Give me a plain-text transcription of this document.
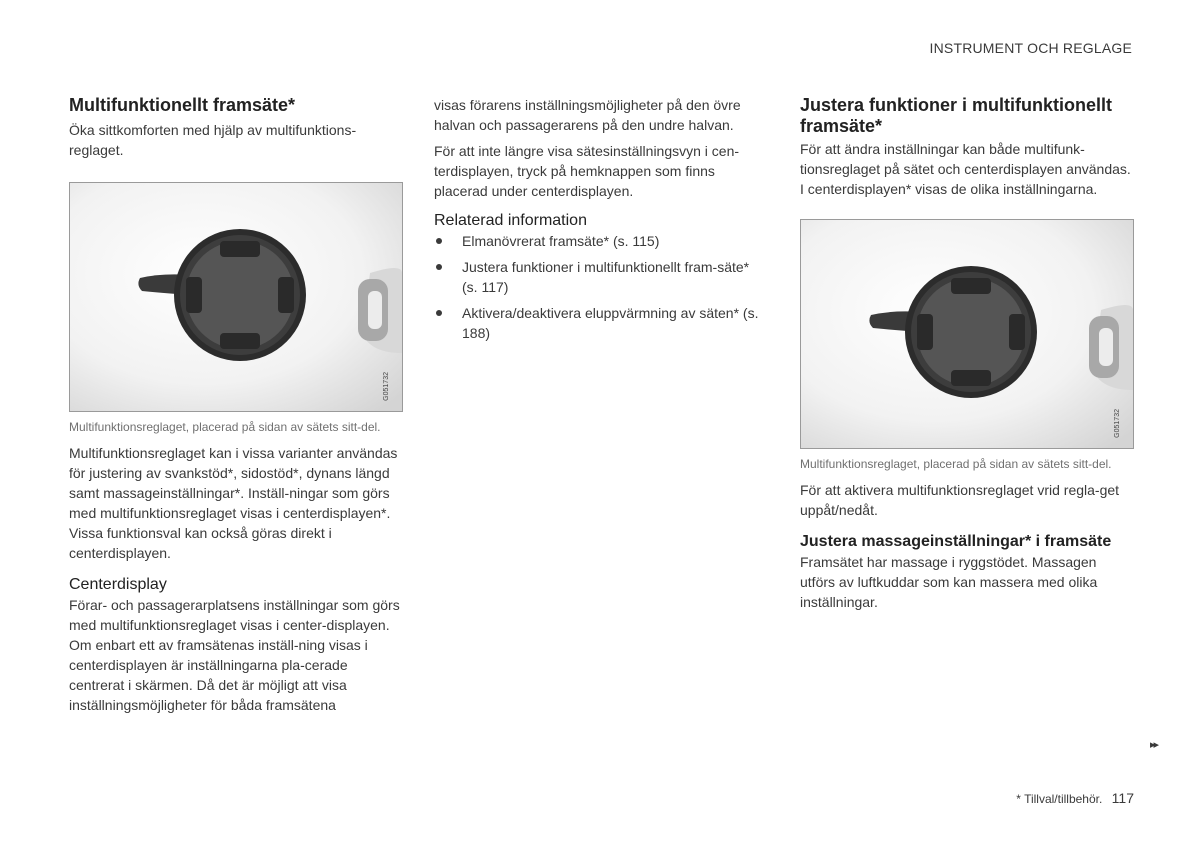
INSTRUMENT OCH REGLAGE
Multifunktionellt framsäte*

Öka sittkomforten med hjälp av multifunktions-reglaget.

G051732

Multifunktionsreglaget, placerad på sidan av sätets sitt-del.

Multifunktionsreglaget kan i vissa varianter användas för justering av svankstöd*, sidostöd*, dynans längd samt massageinställningar*. Inställ-ningar som görs med multifunktionsreglaget visas i centerdisplayen*. Vissa funktionsval kan också göras direkt i centerdisplayen.

Centerdisplay

Förar- och passagerarplatsens inställningar som görs med multifunktionsreglaget visas i center-displayen. Om enbart ett av framsätenas inställ-ning visas i centerdisplayen är inställningarna pla-cerade centrerat i skärmen. Då det är möjligt att visa inställningsmöjligheter för båda framsätena

visas förarens inställningsmöjligheter på den övre halvan och passagerarens på den undre halvan.

För att inte längre visa sätesinställningsvyn i cen-terdisplayen, tryck på hemknappen som finns placerad under centerdisplayen.

Relaterad information
Elmanövrerat framsäte* (s. 115)
Justera funktioner i multifunktionellt fram-säte* (s. 117)
Aktivera/deaktivera eluppvärmning av säten* (s. 188)
Justera funktioner i multifunktionellt framsäte*

För att ändra inställningar kan både multifunk-tionsreglaget på sätet och centerdisplayen användas. I centerdisplayen* visas de olika inställningarna.

G051732

Multifunktionsreglaget, placerad på sidan av sätets sitt-del.

För att aktivera multifunktionsreglaget vrid regla-get uppåt/nedåt.

Justera massageinställningar* i framsäte

Framsätet har massage i ryggstödet. Massagen utförs av luftkuddar som kan massera med olika inställningar.

▸▸
* Tillval/tillbehör. 117
